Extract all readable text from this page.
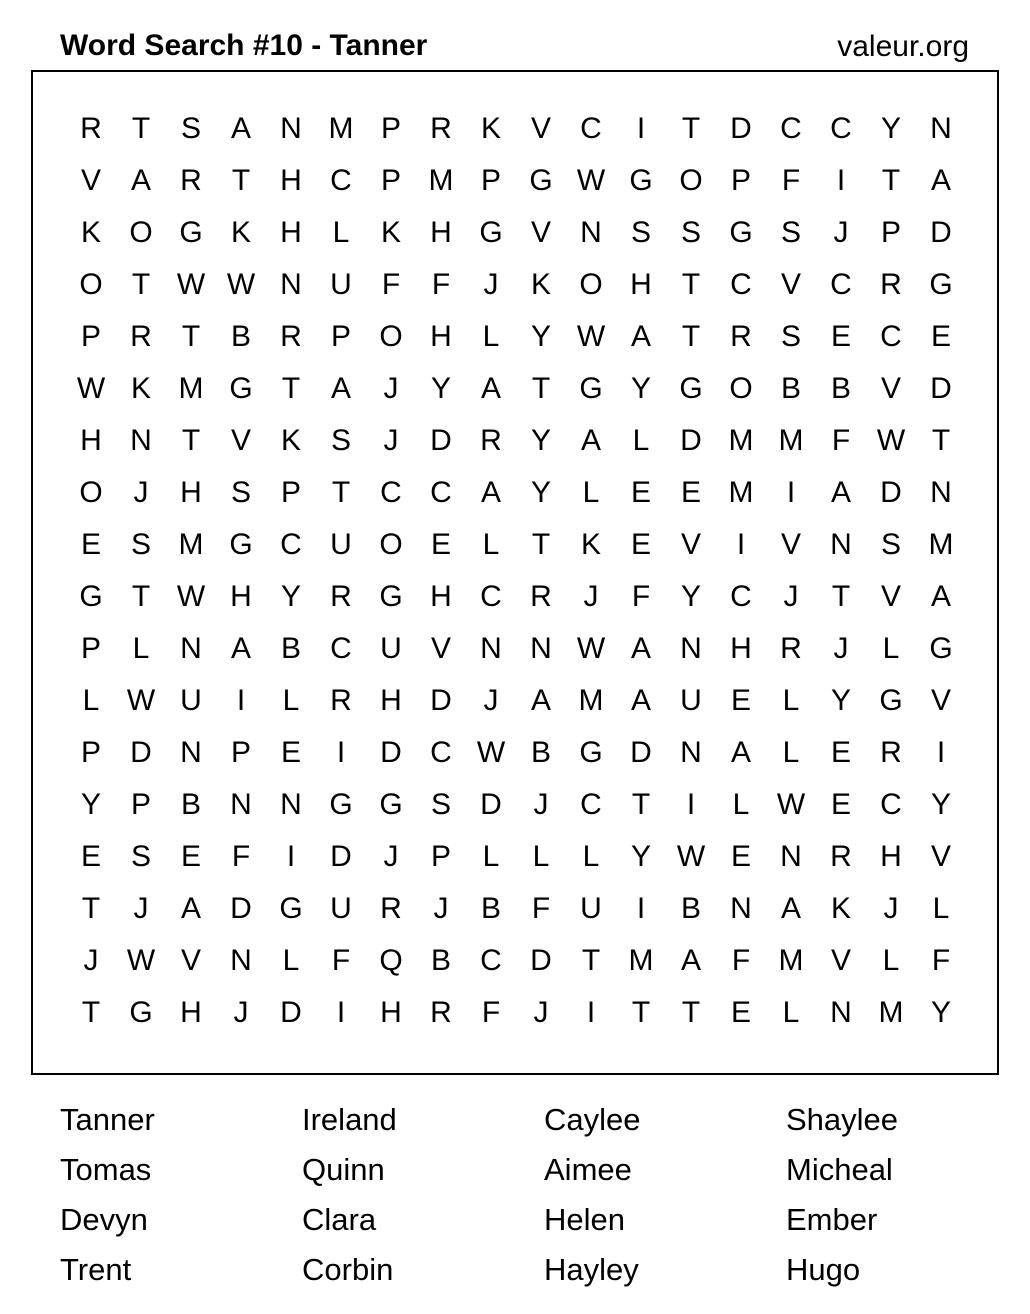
Word Search #10 - Tanner	valeur.org
R	T	S A N M P R K V C	I	T	D C C Y N
V A R	T	H C P M P G W G O P	F	I	T	A
K O G K H	L	K H G V N S S G S	J	P D
O T W W N U	F	F	J	K O H	T	C V C R G
P R	T	B R P O H	L	Y W A	T	R S E C E
W K M G T	A	J	Y A	T G Y G O B B V D
H N	T	V K S	J	D R Y A	L	D M M F W T
O	J	H S P	T	C C A Y	L	E E M	I	A D N
E S M G C U O E	L	T	K E V	I	V N S M
G T W H Y R G H C R	J	F	Y C	J	T	V A
P	L	N A B C U V N N W A N H R	J	L G
L W U	I	L	R H D	J	A M A U E	L	Y G V
P D N P E	I	D C W B G D N A	L	E R	I
Y P B N N G G S D	J	C	T	I	L W E C Y
E S E	F	I	D	J	P	L	L	L	Y W E N R H V
T	J	A D G U R	J	B	F	U	I	B N A K	J	L
J W V N	L	F Q B C D	T M A	F M V	L	F
T G H	J	D	I	H R	F	J	I	T	T	E	L	N M Y
Tanner	Ireland	Caylee	Shaylee
Tomas	Quinn	Aimee	Micheal
Devyn	Clara	Helen	Ember
Trent	Corbin	Hayley	Hugo
